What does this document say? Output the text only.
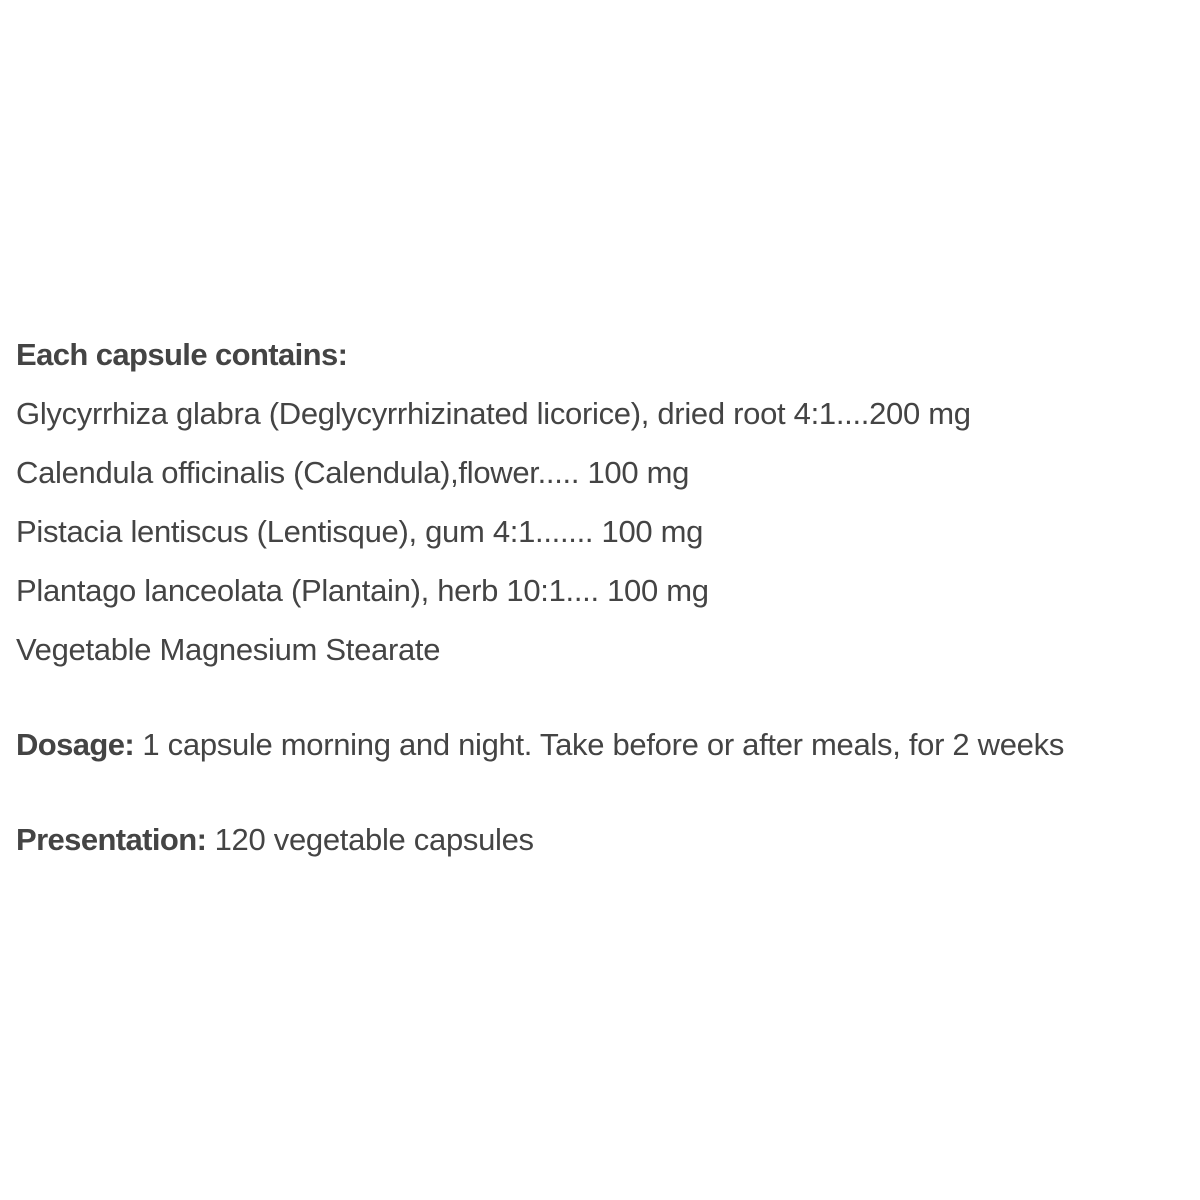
Each capsule contains:
Glycyrrhiza glabra (Deglycyrrhizinated licorice), dried root 4:1....200 mg
Calendula officinalis (Calendula),flower..... 100 mg
Pistacia lentiscus (Lentisque), gum 4:1....... 100 mg
Plantago lanceolata (Plantain), herb 10:1.... 100 mg
Vegetable Magnesium Stearate
Dosage: 1 capsule morning and night. Take before or after meals, for 2 weeks
Presentation: 120 vegetable capsules
